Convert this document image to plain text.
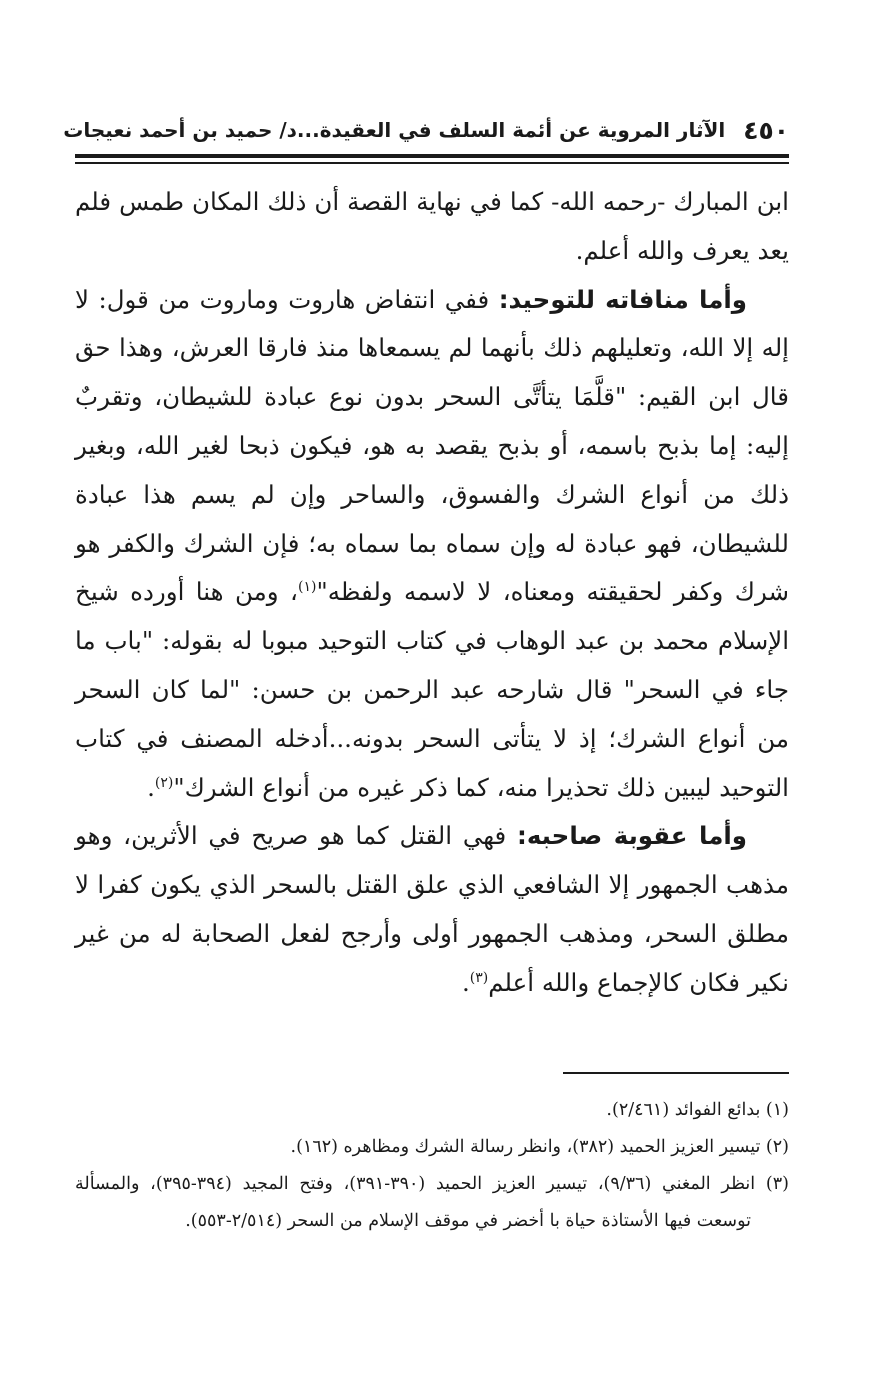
٤٥٠
الآثار المروية عن أئمة السلف في العقيدة...د/ حميد بن أحمد نعيجات

ابن المبارك -رحمه الله- كما في نهاية القصة أن ذلك المكان طمس فلم يعد يعرف والله أعلم.

وأما منافاته للتوحيد: ففي انتفاض هاروت وماروت من قول: لا إله إلا الله، وتعليلهم ذلك بأنهما لم يسمعاها منذ فارقا العرش، وهذا حق قال ابن القيم: "قلَّمَا يتأتَّى السحر بدون نوع عبادة للشيطان، وتقربٌ إليه: إما بذبح باسمه، أو بذبح يقصد به هو، فيكون ذبحا لغير الله، وبغير ذلك من أنواع الشرك والفسوق، والساحر وإن لم يسم هذا عبادة للشيطان، فهو عبادة له وإن سماه بما سماه به؛ فإن الشرك والكفر هو شرك وكفر لحقيقته ومعناه، لا لاسمه ولفظه"$^{(١)}$، ومن هنا أورده شيخ الإسلام محمد بن عبد الوهاب في كتاب التوحيد مبوبا له بقوله: "باب ما جاء في السحر" قال شارحه عبد الرحمن بن حسن: "لما كان السحر من أنواع الشرك؛ إذ لا يتأتى السحر بدونه...أدخله المصنف في كتاب التوحيد ليبين ذلك تحذيرا منه، كما ذكر غيره من أنواع الشرك"$^{(٢)}$.

وأما عقوبة صاحبه: فهي القتل كما هو صريح في الأثرين، وهو مذهب الجمهور إلا الشافعي الذي علق القتل بالسحر الذي يكون كفرا لا مطلق السحر، ومذهب الجمهور أولى وأرجح لفعل الصحابة له من غير نكير فكان كالإجماع والله أعلم$^{(٣)}$.

(١) بدائع الفوائد (٢/٤٦١).

(٢) تيسير العزيز الحميد (٣٨٢)، وانظر رسالة الشرك ومظاهره (١٦٢).

(٣) انظر المغني (٩/٣٦)، تيسير العزيز الحميد (٣٩٠-٣٩١)، وفتح المجيد (٣٩٤-٣٩٥)، والمسألة توسعت فيها الأستاذة حياة با أخضر في موقف الإسلام من السحر (٢/٥١٤-٥٥٣).
